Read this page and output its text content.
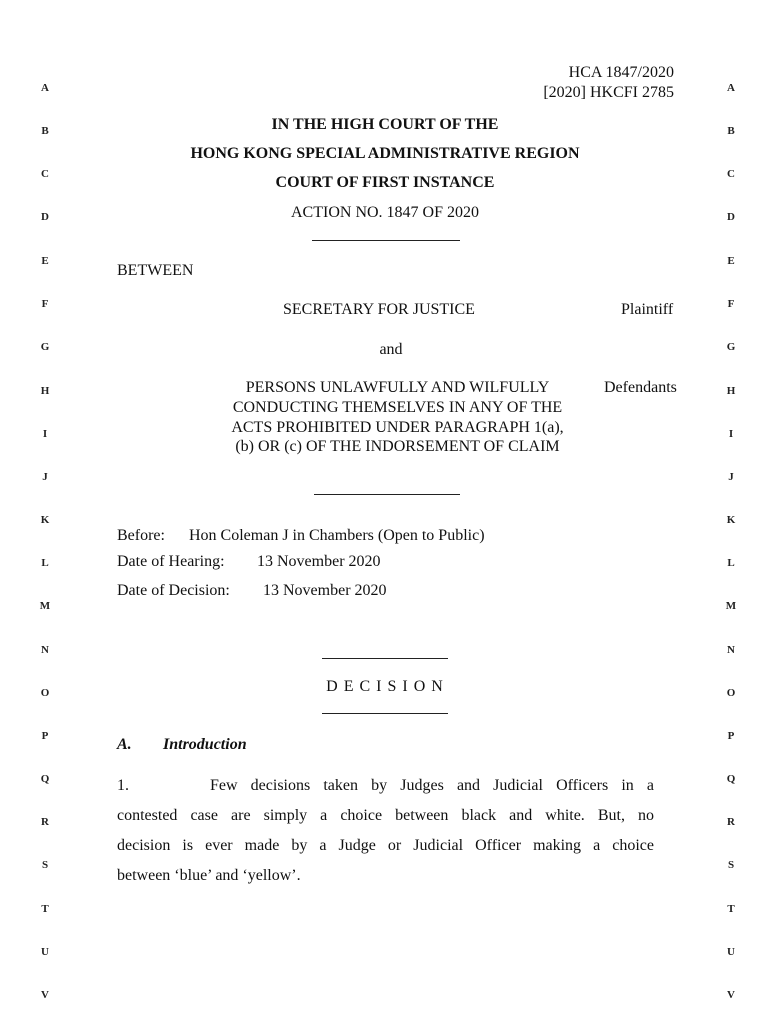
A
B
C
D
E
F
G
H
I
J
K
L
M
N
O
P
Q
R
S
T
U
V
A
B
C
D
E
F
G
H
I
J
K
L
M
N
O
P
Q
R
S
T
U
V
HCA 1847/2020
[2020] HKCFI 2785
IN THE HIGH COURT OF THE
HONG KONG SPECIAL ADMINISTRATIVE REGION
COURT OF FIRST INSTANCE
ACTION NO. 1847 OF 2020
BETWEEN
SECRETARY FOR JUSTICE	Plaintiff
and
PERSONS UNLAWFULLY AND WILFULLY
CONDUCTING THEMSELVES IN ANY OF THE
ACTS PROHIBITED UNDER PARAGRAPH 1(a),
(b) OR (c) OF THE INDORSEMENT OF CLAIM
Defendants
Before: Hon Coleman J in Chambers (Open to Public)
Date of Hearing: 13 November 2020
Date of Decision: 13 November 2020
D E C I S I O N
A. Introduction
1.	Few decisions taken by Judges and Judicial Officers in a
contested case are simply a choice between black and white. But, no
decision is ever made by a Judge or Judicial Officer making a choice
between ‘blue’ and ‘yellow’.
